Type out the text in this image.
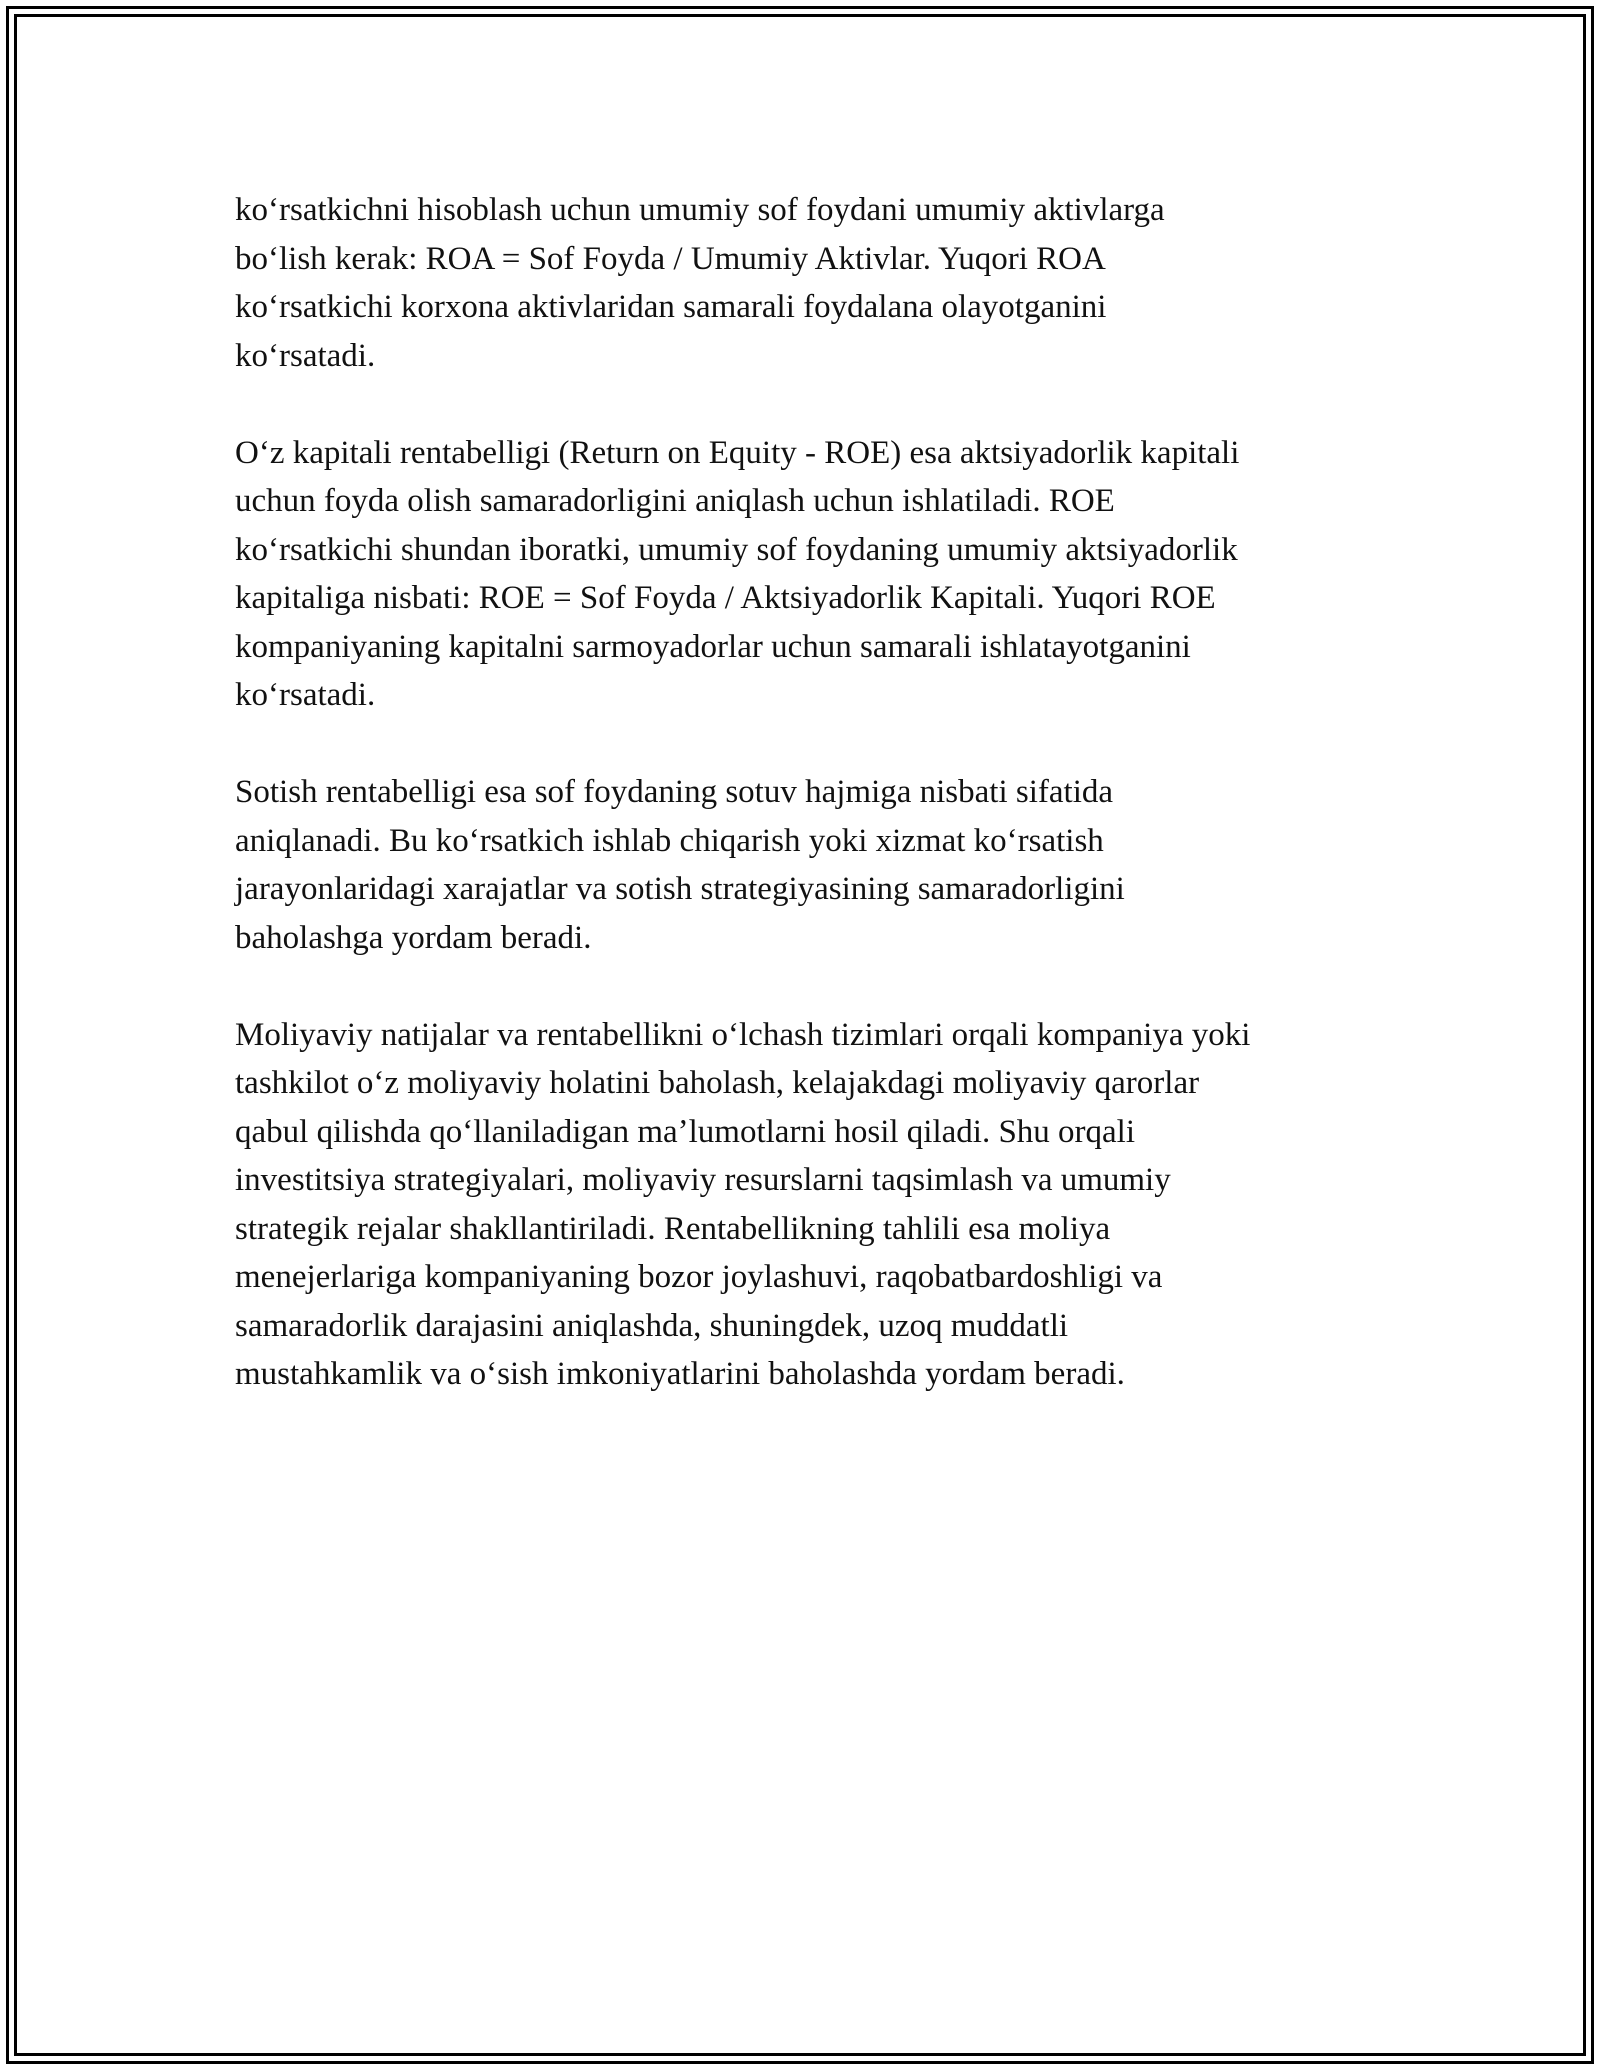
koʻrsatkichni hisoblash uchun umumiy sof foydani umumiy aktivlarga
boʻlish kerak: ROA = Sof Foyda / Umumiy Aktivlar. Yuqori ROA
koʻrsatkichi korxona aktivlaridan samarali foydalana olayotganini
koʻrsatadi.

Oʻz kapitali rentabelligi (Return on Equity - ROE) esa aktsiyadorlik kapitali
uchun foyda olish samaradorligini aniqlash uchun ishlatiladi. ROE
koʻrsatkichi shundan iboratki, umumiy sof foydaning umumiy aktsiyadorlik
kapitaliga nisbati: ROE = Sof Foyda / Aktsiyadorlik Kapitali. Yuqori ROE
kompaniyaning kapitalni sarmoyadorlar uchun samarali ishlatayotganini
koʻrsatadi.

Sotish rentabelligi esa sof foydaning sotuv hajmiga nisbati sifatida
aniqlanadi. Bu koʻrsatkich ishlab chiqarish yoki xizmat koʻrsatish
jarayonlaridagi xarajatlar va sotish strategiyasining samaradorligini
baholashga yordam beradi.

Moliyaviy natijalar va rentabellikni oʻlchash tizimlari orqali kompaniya yoki
tashkilot oʻz moliyaviy holatini baholash, kelajakdagi moliyaviy qarorlar
qabul qilishda qoʻllaniladigan maʼlumotlarni hosil qiladi. Shu orqali
investitsiya strategiyalari, moliyaviy resurslarni taqsimlash va umumiy
strategik rejalar shakllantiriladi. Rentabellikning tahlili esa moliya
menejerlariga kompaniyaning bozor joylashuvi, raqobatbardoshligi va
samaradorlik darajasini aniqlashda, shuningdek, uzoq muddatli
mustahkamlik va oʻsish imkoniyatlarini baholashda yordam beradi.
